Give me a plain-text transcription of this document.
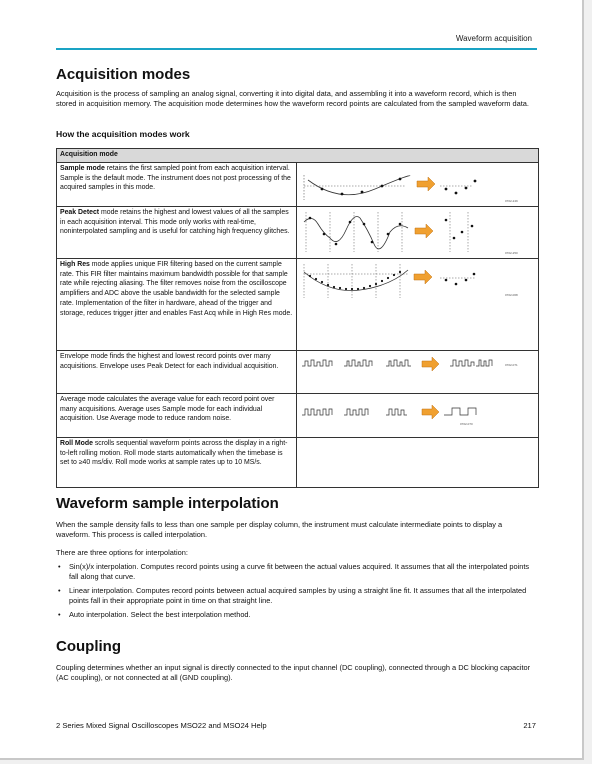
Waveform acquisition
Acquisition modes

Acquisition is the process of sampling an analog signal, converting it into digital data, and assembling it into a waveform record, which is then stored in acquisition memory. The acquisition mode determines how the waveform record points are calculated from the sampled waveform data.

How the acquisition modes work
Acquisition mode	
Sample mode retains the first sampled point from each acquisition interval. Sample is the default mode. The instrument does not post processing of the acquired samples in this mode.	0702-249

Peak Detect mode retains the highest and lowest values of all the samples in each acquisition interval. This mode only works with real-time, noninterpolated sampling and is useful for catching high frequency glitches.	0702-250

High Res mode applies unique FIR filtering based on the current sample rate. This FIR filter maintains maximum bandwidth possible for that sample rate while rejecting aliasing. The filter removes noise from the oscilloscope amplifiers and ADC above the usable bandwidth for the selected sample rate. Implementation of the filter in hardware, ahead of the trigger and storage, reduces trigger jitter and enables Fast Acq while in High Res mode.	0702-068

Envelope mode finds the highest and lowest record points over many acquisitions. Envelope uses Peak Detect for each individual acquisition.	0702-071

Average mode calculates the average value for each record point over many acquisitions. Average uses Sample mode for each individual acquisition. Use Average mode to reduce random noise.	0702-070

Roll Mode scrolls sequential waveform points across the display in a right-to-left rolling motion. Roll mode starts automatically when the timebase is set to ≥40 ms/div. Roll mode works at sample rates up to 10 MS/s.	
Waveform sample interpolation

When the sample density falls to less than one sample per display column, the instrument must calculate intermediate points to display a waveform. This process is called interpolation.

There are three options for interpolation:

• Sin(x)/x interpolation. Computes record points using a curve fit between the actual values acquired. It assumes that all the interpolated points fall along that curve.
• Linear interpolation. Computes record points between actual acquired samples by using a straight line fit. It assumes that all the interpolated points fall in their appropriate point in time on that straight line.
• Auto interpolation. Select the best interpolation method.
Coupling

Coupling determines whether an input signal is directly connected to the input channel (DC coupling), connected through a DC blocking capacitor (AC coupling), or not connected at all (GND coupling).

2 Series Mixed Signal Oscilloscopes MSO22 and MSO24 Help	217
